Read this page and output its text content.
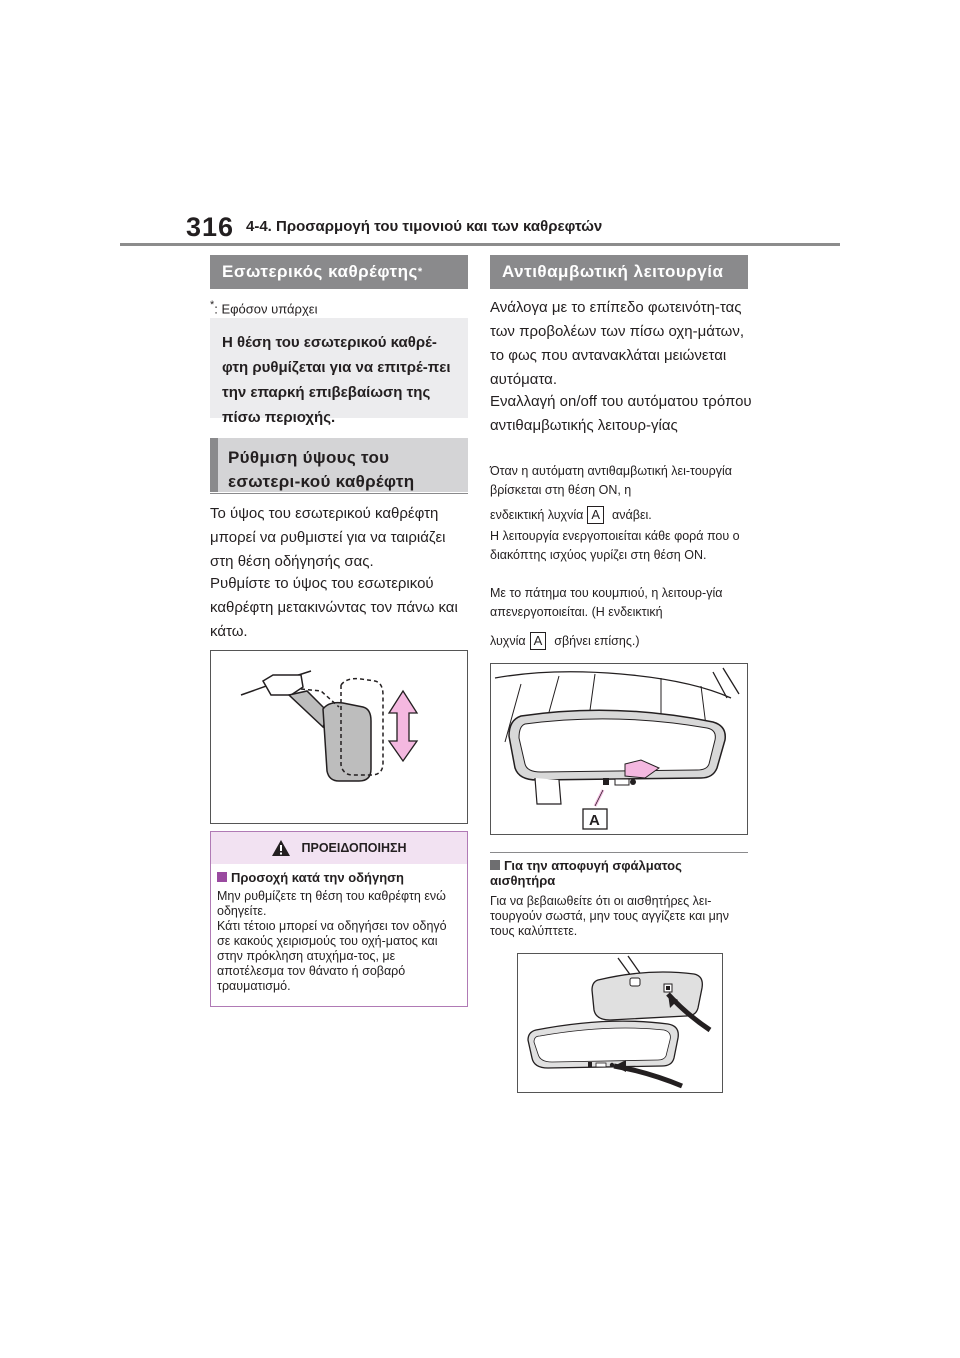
316 4-4. Προσαρμογή του τιμονιού και των καθρεφτών
Εσωτερικός καθρέφτης *
*: Εφόσον υπάρχει
Η θέση του εσωτερικού καθρέ-φτη ρυθμίζεται για να επιτρέ-πει την επαρκή επιβεβαίωση της πίσω περιοχής.
Ρύθμιση ύψους του εσωτερι-κού καθρέφτη
Το ύψος του εσωτερικού καθρέφτη μπορεί να ρυθμιστεί για να ταιριάζει στη θέση οδήγησής σας.
Ρυθμίστε το ύψος του εσωτερικού καθρέφτη μετακινώντας τον πάνω και κάτω.
ΠΡΟΕΙΔΟΠΟΙΗΣΗ
Προσοχή κατά την οδήγηση
Μην ρυθμίζετε τη θέση του καθρέφτη ενώ οδηγείτε.
Κάτι τέτοιο μπορεί να οδηγήσει τον οδηγό σε κακούς χειρισμούς του οχή-ματος και στην πρόκληση ατυχήμα-τος, με αποτέλεσμα τον θάνατο ή σοβαρό τραυματισμό.
Αντιθαμβωτική λειτουργία
Ανάλογα με το επίπεδο φωτεινότη-τας των προβολέων των πίσω οχη-μάτων, το φως που αντανακλάται μειώνεται αυτόματα.
Εναλλαγή on/off του αυτόματου τρόπου αντιθαμβωτικής λειτουρ-γίας
Όταν η αυτόματη αντιθαμβωτική λει-τουργία βρίσκεται στη θέση ON, η
ενδεικτική λυχνία A ανάβει.
Η λειτουργία ενεργοποιείται κάθε φορά που ο διακόπτης ισχύος γυρίζει στη θέση ON.
Με το πάτημα του κουμπιού, η λειτουρ-γία απενεργοποιείται. (Η ενδεικτική
λυχνία A σβήνει επίσης.)
A
Για την αποφυγή σφάλματος αισθητήρα
Για να βεβαιωθείτε ότι οι αισθητήρες λει-τουργούν σωστά, μην τους αγγίζετε και μην τους καλύπτετε.
